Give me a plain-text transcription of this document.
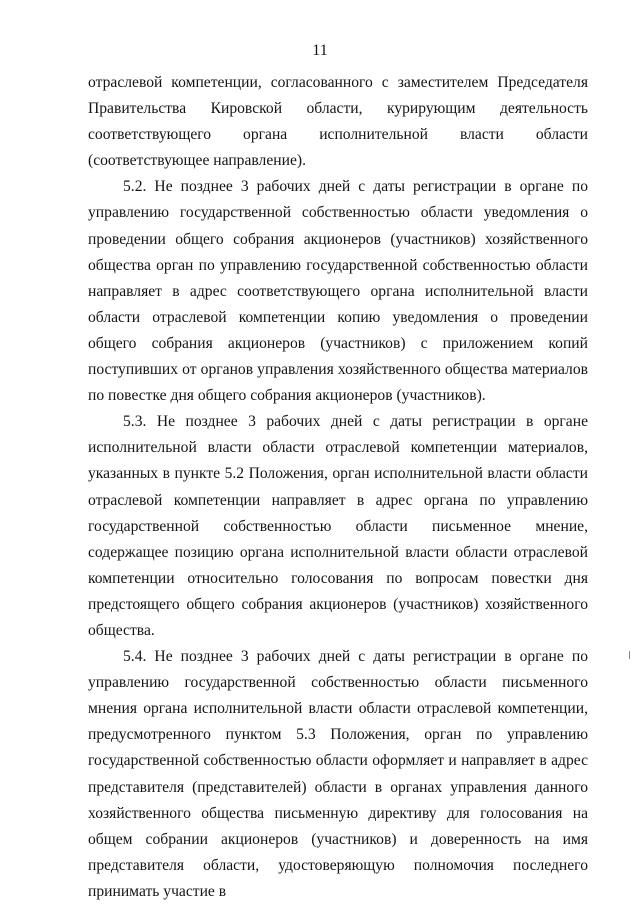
11

отраслевой компетенции, согласованного с заместителем Председателя Правительства Кировской области, курирующим деятельность соответствующего органа исполнительной власти области (соответствующее направление).

5.2. Не позднее 3 рабочих дней с даты регистрации в органе по управлению государственной собственностью области уведомления о проведении общего собрания акционеров (участников) хозяйственного общества орган по управлению государственной собственностью области направляет в адрес соответствующего органа исполнительной власти области отраслевой компетенции копию уведомления о проведении общего собрания акционеров (участников) с приложением копий поступивших от органов управления хозяйственного общества материалов по повестке дня общего собрания акционеров (участников).

5.3. Не позднее 3 рабочих дней с даты регистрации в органе исполнительной власти области отраслевой компетенции материалов, указанных в пункте 5.2 Положения, орган исполнительной власти области отраслевой компетенции направляет в адрес органа по управлению государственной собственностью области письменное мнение, содержащее позицию органа исполнительной власти области отраслевой компетенции относительно голосования по вопросам повестки дня предстоящего общего собрания акционеров (участников) хозяйственного общества.

5.4. Не позднее 3 рабочих дней с даты регистрации в органе по управлению государственной собственностью области письменного мнения органа исполнительной власти области отраслевой компетенции, предусмотренного пунктом 5.3 Положения, орган по управлению государственной собственностью области оформляет и направляет в адрес представителя (представителей) области в органах управления данного хозяйственного общества письменную директиву для голосования на общем собрании акционеров (участников) и доверенность на имя представителя области, удостоверяющую полномочия последнего принимать участие в
